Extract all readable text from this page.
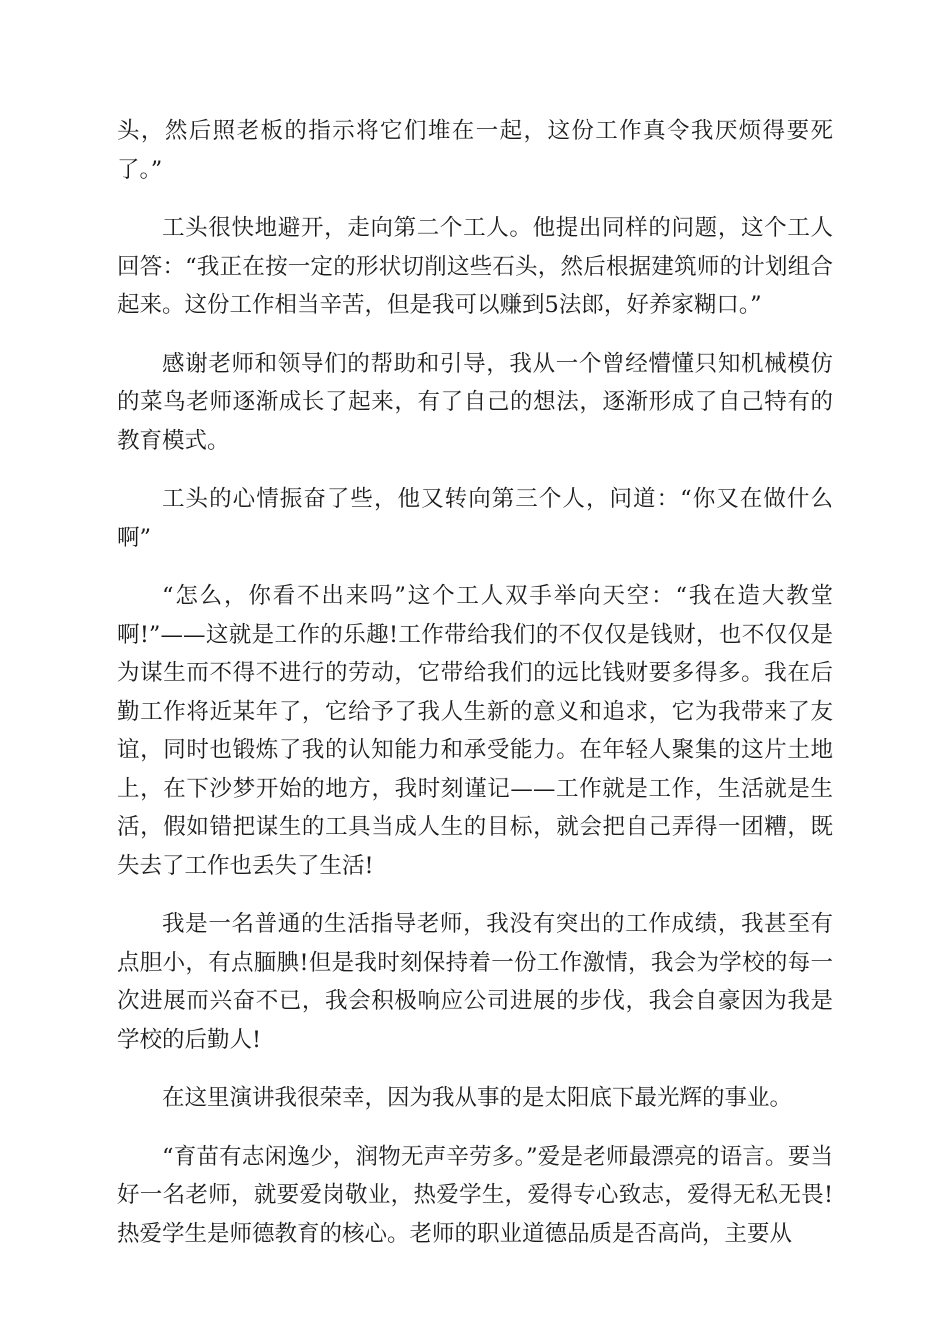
头，然后照老板的指示将它们堆在一起，这份工作真令我厌烦得要死了。”

工头很快地避开，走向第二个工人。他提出同样的问题，这个工人回答：“我正在按一定的形状切削这些石头，然后根据建筑师的计划组合起来。这份工作相当辛苦，但是我可以赚到5法郎，好养家糊口。”

感谢老师和领导们的帮助和引导，我从一个曾经懵懂只知机械模仿的菜鸟老师逐渐成长了起来，有了自己的想法，逐渐形成了自己特有的教育模式。

工头的心情振奋了些，他又转向第三个人，问道：“你又在做什么啊”

“怎么，你看不出来吗”这个工人双手举向天空：“我在造大教堂啊!”——这就是工作的乐趣!工作带给我们的不仅仅是钱财，也不仅仅是为谋生而不得不进行的劳动，它带给我们的远比钱财要多得多。我在后勤工作将近某年了，它给予了我人生新的意义和追求，它为我带来了友谊，同时也锻炼了我的认知能力和承受能力。在年轻人聚集的这片土地上，在下沙梦开始的地方，我时刻谨记——工作就是工作，生活就是生活，假如错把谋生的工具当成人生的目标，就会把自己弄得一团糟，既失去了工作也丢失了生活!

我是一名普通的生活指导老师，我没有突出的工作成绩，我甚至有点胆小，有点腼腆!但是我时刻保持着一份工作激情，我会为学校的每一次进展而兴奋不已，我会积极响应公司进展的步伐，我会自豪因为我是学校的后勤人!

在这里演讲我很荣幸，因为我从事的是太阳底下最光辉的事业。

“育苗有志闲逸少，润物无声辛劳多。”爱是老师最漂亮的语言。要当好一名老师，就要爱岗敬业，热爱学生，爱得专心致志，爱得无私无畏!热爱学生是师德教育的核心。老师的职业道德品质是否高尚，主要从
